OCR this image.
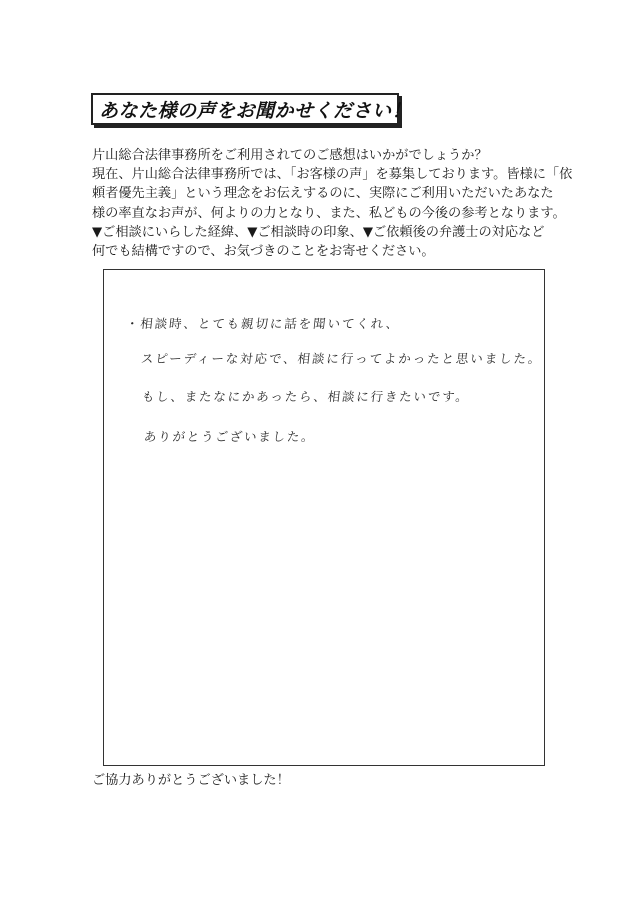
あなた様の声をお聞かせください！

片山総合法律事務所をご利用されてのご感想はいかがでしょうか？

現在、片山総合法律事務所では、「お客様の声」を募集しております。皆様に「依

頼者優先主義」という理念をお伝えするのに、実際にご利用いただいたあなた

様の率直なお声が、何よりの力となり、また、私どもの今後の参考となります。

▼ご相談にいらした経緯、▼ご相談時の印象、▼ご依頼後の弁護士の対応など

何でも結構ですので、お気づきのことをお寄せください。

・相談時、とても親切に話を聞いてくれ、
スピーディーな対応で、相談に行ってよかったと思いました。
もし、またなにかあったら、相談に行きたいです。
ありがとうございました。
ご協力ありがとうございました！
